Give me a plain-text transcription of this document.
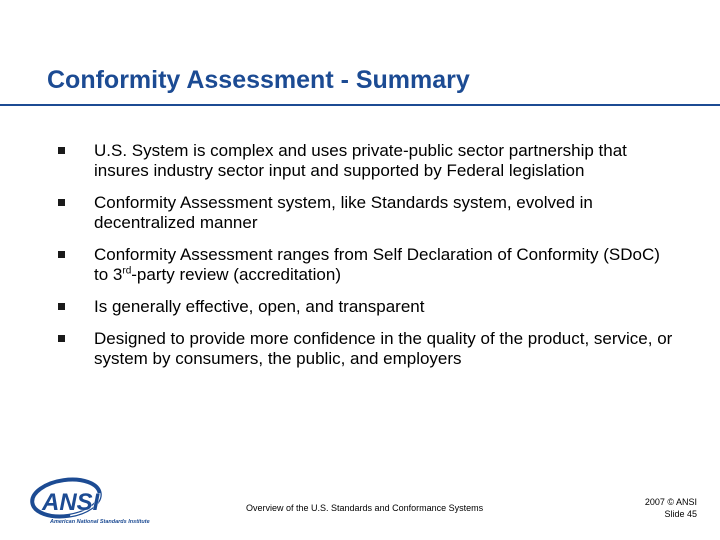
Conformity Assessment - Summary
U.S. System is complex and uses private-public sector partnership that insures industry sector input and supported by Federal legislation
Conformity Assessment system, like Standards system, evolved in decentralized manner
Conformity Assessment ranges from Self Declaration of Conformity (SDoC) to 3rd-party review (accreditation)
Is generally effective, open, and transparent
Designed to provide more confidence in the quality of the product, service, or system by consumers, the public, and employers
ANSI
American National Standards Institute
Overview of the U.S. Standards and Conformance Systems
2007 © ANSI
Slide 45
